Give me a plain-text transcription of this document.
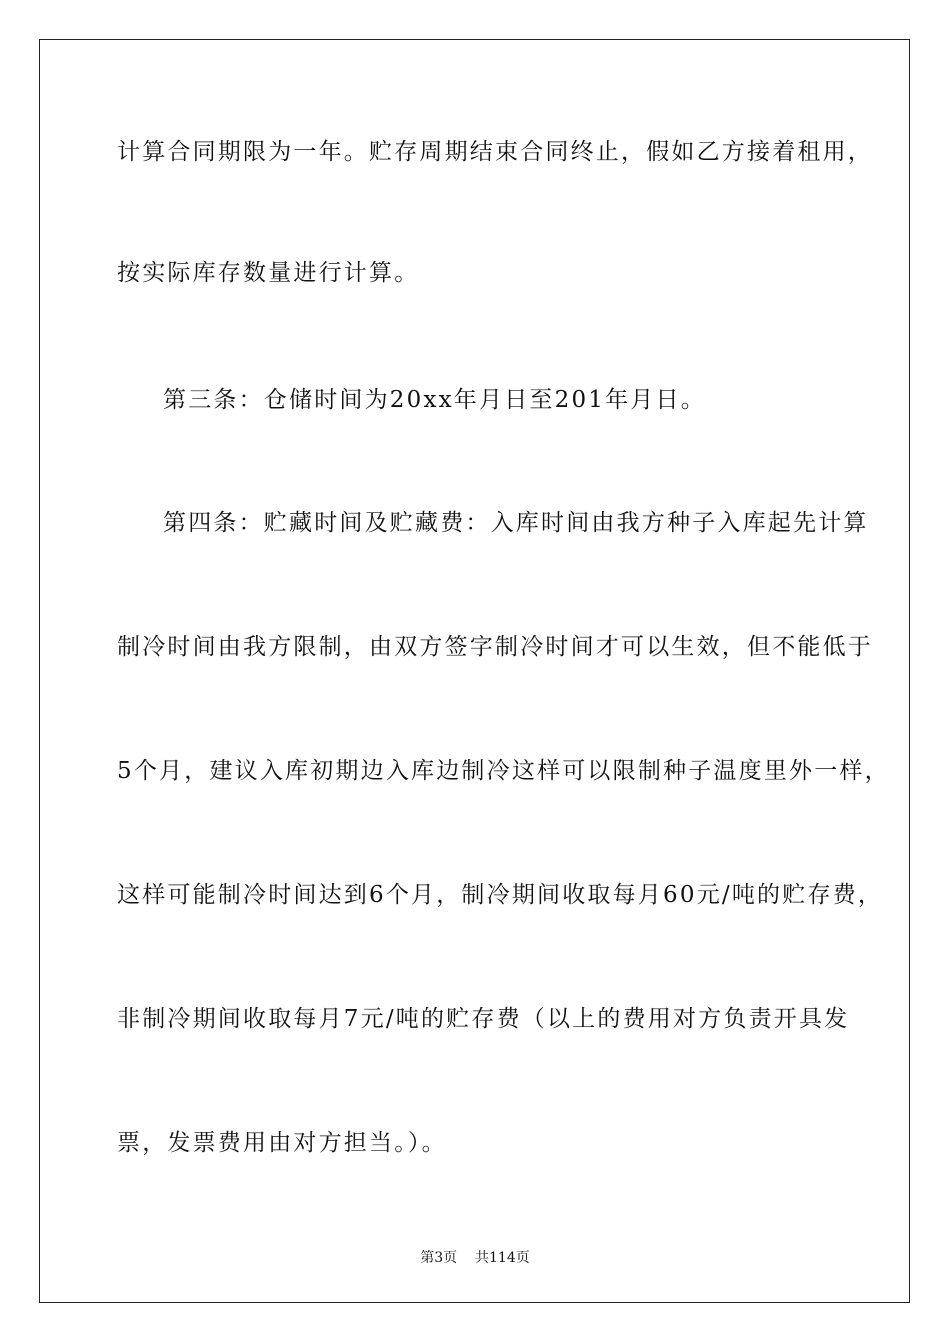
计算合同期限为一年。贮存周期结束合同终止，假如乙方接着租用，
按实际库存数量进行计算。
第三条：仓储时间为20xx年月日至201年月日。
第四条：贮藏时间及贮藏费：入库时间由我方种子入库起先计算
制冷时间由我方限制，由双方签字制冷时间才可以生效，但不能低于
5个月，建议入库初期边入库边制冷这样可以限制种子温度里外一样，
这样可能制冷时间达到6个月，制冷期间收取每月60元/吨的贮存费，
非制冷期间收取每月7元/吨的贮存费（以上的费用对方负责开具发
票，发票费用由对方担当。）。
第3页 共114页
